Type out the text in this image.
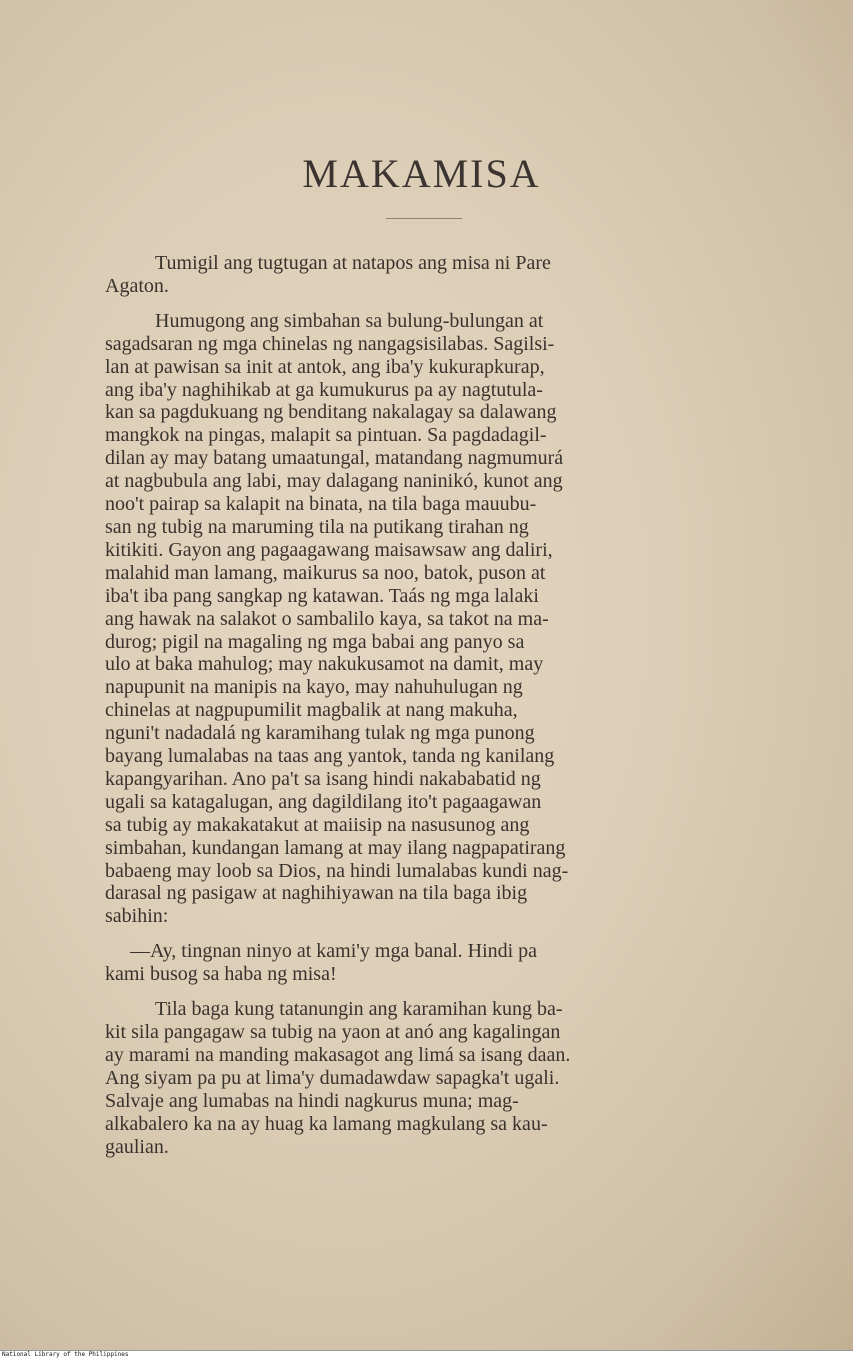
MAKAMISA
Tumigil ang tugtugan at natapos ang misa ni Pare
Agaton.
Humugong ang simbahan sa bulung-bulungan at
sagadsaran ng mga chinelas ng nangagsisilabas. Sagilsi-
lan at pawisan sa init at antok, ang iba'y kukurapkurap,
ang iba'y naghihikab at ga kumukurus pa ay nagtutula-
kan sa pagdukuang ng benditang nakalagay sa dalawang
mangkok na pingas, malapit sa pintuan. Sa pagdadagil-
dilan ay may batang umaatungal, matandang nagmumurá
at nagbubula ang labi, may dalagang naninikó, kunot ang
noo't pairap sa kalapit na binata, na tila baga mauubu-
san ng tubig na maruming tila na putikang tirahan ng
kitikiti. Gayon ang pagaagawang maisawsaw ang daliri,
malahid man lamang, maikurus sa noo, batok, puson at
iba't iba pang sangkap ng katawan. Taás ng mga lalaki
ang hawak na salakot o sambalilo kaya, sa takot na ma-
durog; pigil na magaling ng mga babai ang panyo sa
ulo at baka mahulog; may nakukusamot na damit, may
napupunit na manipis na kayo, may nahuhulugan ng
chinelas at nagpupumilit magbalik at nang makuha,
nguni't nadadalá ng karamihang tulak ng mga punong
bayang lumalabas na taas ang yantok, tanda ng kanilang
kapangyarihan. Ano pa't sa isang hindi nakababatid ng
ugali sa katagalugan, ang dagildilang ito't pagaagawan
sa tubig ay makakatakut at maiisip na nasusunog ang
simbahan, kundangan lamang at may ilang nagpapatirang
babaeng may loob sa Dios, na hindi lumalabas kundi nag-
darasal ng pasigaw at naghihiyawan na tila baga ibig
sabihin:
—Ay, tingnan ninyo at kami'y mga banal. Hindi pa
kami busog sa haba ng misa!
Tila baga kung tatanungin ang karamihan kung ba-
kit sila pangagaw sa tubig na yaon at anó ang kagalingan
ay marami na manding makasagot ang limá sa isang daan.
Ang siyam pa pu at lima'y dumadawdaw sapagka't ugali.
Salvaje ang lumabas na hindi nagkurus muna; mag-
alkabalero ka na ay huag ka lamang magkulang sa kau-
gaulian.
National Library of the Philippines
